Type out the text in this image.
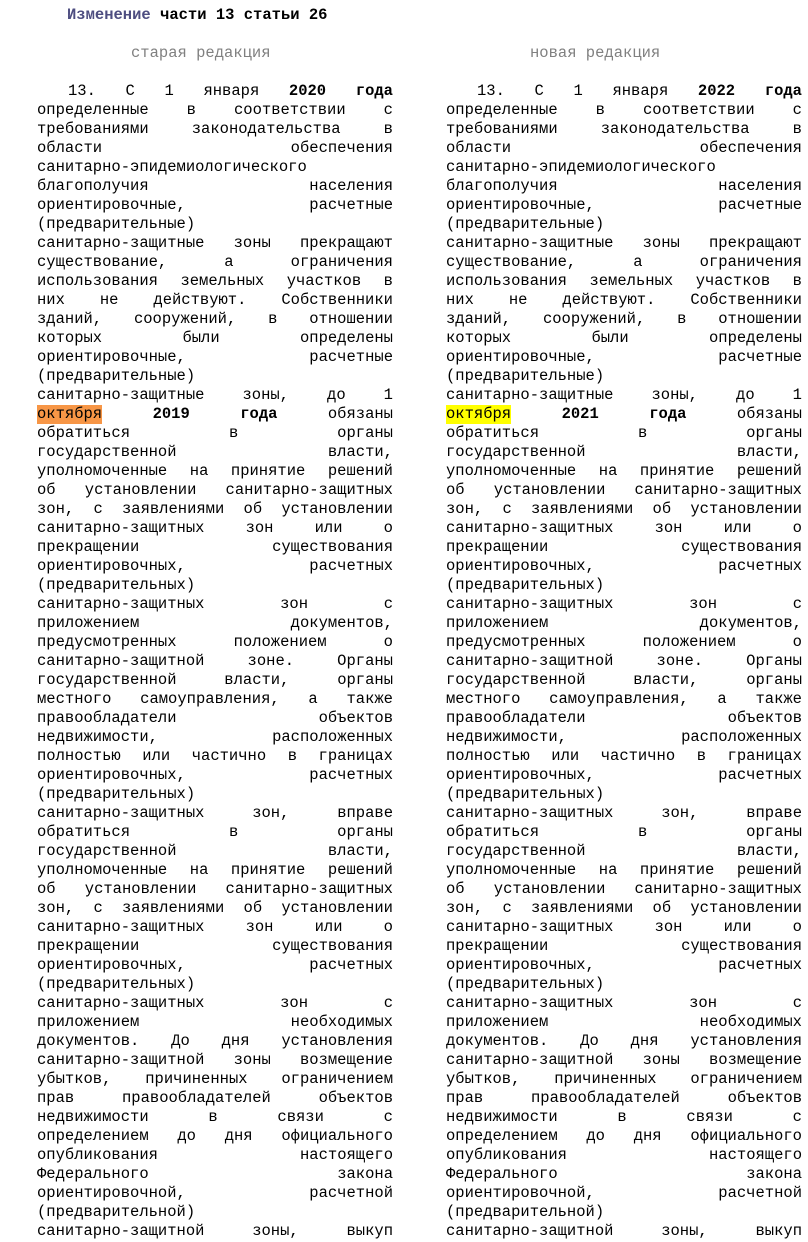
Изменение части 13 статьи 26
старая редакция	новая редакция
13. С 1 января 2020 года
определенные в соответствии с
требованиями	законодательства	в
области	обеспечения
санитарно-эпидемиологического
благополучия	населения
ориентировочные,	расчетные
(предварительные)
санитарно-защитные зоны прекращают
существование,	а	ограничения
использования земельных участков в
них не действуют. Собственники
зданий, сооружений, в отношении
которых	были	определены
ориентировочные,	расчетные
(предварительные)
санитарно-защитные зоны, до 1
октября	2019	года	обязаны
обратиться	в	органы
государственной	власти,
уполномоченные на принятие решений
об установлении санитарно-защитных
зон, с заявлениями об установлении
санитарно-защитных	зон	или	о
прекращении	существования
ориентировочных,	расчетных
(предварительных)
санитарно-защитных	зон	с
приложением	документов,
предусмотренных	положением	о
санитарно-защитной	зоне.	Органы
государственной	власти,	органы
местного самоуправления, а также
правообладатели	объектов
недвижимости,	расположенных
полностью или частично в границах
ориентировочных,	расчетных
(предварительных)
санитарно-защитных	зон,	вправе
обратиться	в	органы
государственной	власти,
уполномоченные на принятие решений
об установлении санитарно-защитных
зон, с заявлениями об установлении
санитарно-защитных	зон	или	о
прекращении	существования
ориентировочных,	расчетных
(предварительных)
санитарно-защитных	зон	с
приложением	необходимых
документов. До дня установления
санитарно-защитной зоны возмещение
убытков, причиненных ограничением
прав	правообладателей	объектов
недвижимости	в	связи	с
определением до дня официального
опубликования	настоящего
Федерального	закона
ориентировочной,	расчетной
(предварительной)
санитарно-защитной	зоны,	выкуп
13. С 1 января 2022 года
определенные в соответствии с
требованиями	законодательства	в
области	обеспечения
санитарно-эпидемиологического
благополучия	населения
ориентировочные,	расчетные
(предварительные)
санитарно-защитные зоны прекращают
существование,	а	ограничения
использования земельных участков в
них не действуют. Собственники
зданий, сооружений, в отношении
которых	были	определены
ориентировочные,	расчетные
(предварительные)
санитарно-защитные зоны, до 1
октября	2021	года	обязаны
обратиться	в	органы
государственной	власти,
уполномоченные на принятие решений
об установлении санитарно-защитных
зон, с заявлениями об установлении
санитарно-защитных	зон	или	о
прекращении	существования
ориентировочных,	расчетных
(предварительных)
санитарно-защитных	зон	с
приложением	документов,
предусмотренных	положением	о
санитарно-защитной	зоне.	Органы
государственной	власти,	органы
местного самоуправления, а также
правообладатели	объектов
недвижимости,	расположенных
полностью или частично в границах
ориентировочных,	расчетных
(предварительных)
санитарно-защитных	зон,	вправе
обратиться	в	органы
государственной	власти,
уполномоченные на принятие решений
об установлении санитарно-защитных
зон, с заявлениями об установлении
санитарно-защитных	зон	или	о
прекращении	существования
ориентировочных,	расчетных
(предварительных)
санитарно-защитных	зон	с
приложением	необходимых
документов. До дня установления
санитарно-защитной зоны возмещение
убытков, причиненных ограничением
прав	правообладателей	объектов
недвижимости	в	связи	с
определением до дня официального
опубликования	настоящего
Федерального	закона
ориентировочной,	расчетной
(предварительной)
санитарно-защитной	зоны,	выкуп
